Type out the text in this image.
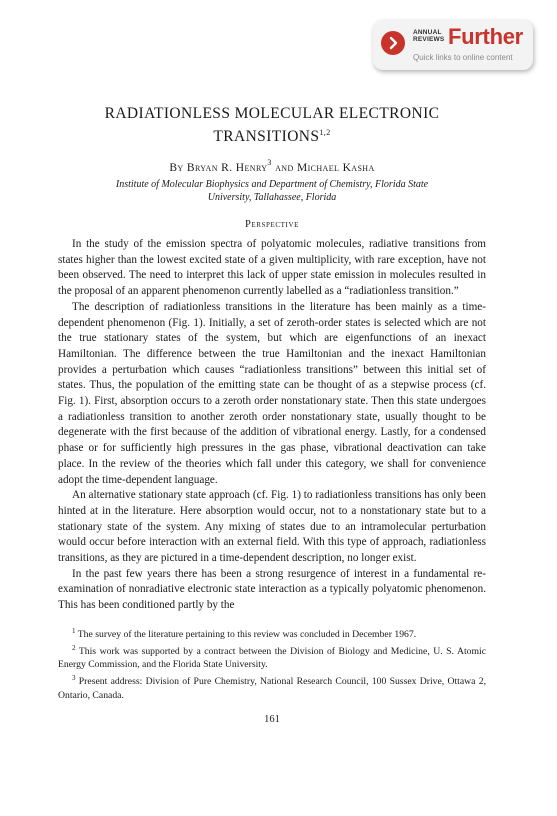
ANNUAL
REVIEWS Further
Quick links to online content
RADIATIONLESS MOLECULAR ELECTRONIC
TRANSITIONS$^{1,2}$
By Bryan R. Henry$^3$ and Michael Kasha
Institute of Molecular Biophysics and Department of Chemistry, Florida State
University, Tallahassee, Florida
Perspective

In the study of the emission spectra of polyatomic molecules, radiative transitions from states higher than the lowest excited state of a given multiplicity, with rare exception, have not been observed. The need to interpret this lack of upper state emission in molecules resulted in the proposal of an apparent phenomenon currently labelled as a “radiationless transition.”

The description of radiationless transitions in the literature has been mainly as a time-dependent phenomenon (Fig. 1). Initially, a set of zeroth-order states is selected which are not the true stationary states of the system, but which are eigenfunctions of an inexact Hamiltonian. The difference between the true Hamiltonian and the inexact Hamiltonian provides a perturbation which causes “radiationless transitions” between this initial set of states. Thus, the population of the emitting state can be thought of as a stepwise process (cf. Fig. 1). First, absorption occurs to a zeroth order nonstationary state. Then this state undergoes a radiationless transition to another zeroth order nonstationary state, usually thought to be degenerate with the first because of the addition of vibrational energy. Lastly, for a condensed phase or for sufficiently high pressures in the gas phase, vibrational deactivation can take place. In the review of the theories which fall under this category, we shall for convenience adopt the time-dependent language.

An alternative stationary state approach (cf. Fig. 1) to radiationless transitions has only been hinted at in the literature. Here absorption would occur, not to a nonstationary state but to a stationary state of the system. Any mixing of states due to an intramolecular perturbation would occur before interaction with an external field. With this type of approach, radiationless transitions, as they are pictured in a time-dependent description, no longer exist.

In the past few years there has been a strong resurgence of interest in a fundamental re-examination of nonradiative electronic state interaction as a typically polyatomic phenomenon. This has been conditioned partly by the

$^1$ The survey of the literature pertaining to this review was concluded in December 1967.

$^2$ This work was supported by a contract between the Division of Biology and Medicine, U. S. Atomic Energy Commission, and the Florida State University.

$^3$ Present address: Division of Pure Chemistry, National Research Council, 100 Sussex Drive, Ottawa 2, Ontario, Canada.

161
